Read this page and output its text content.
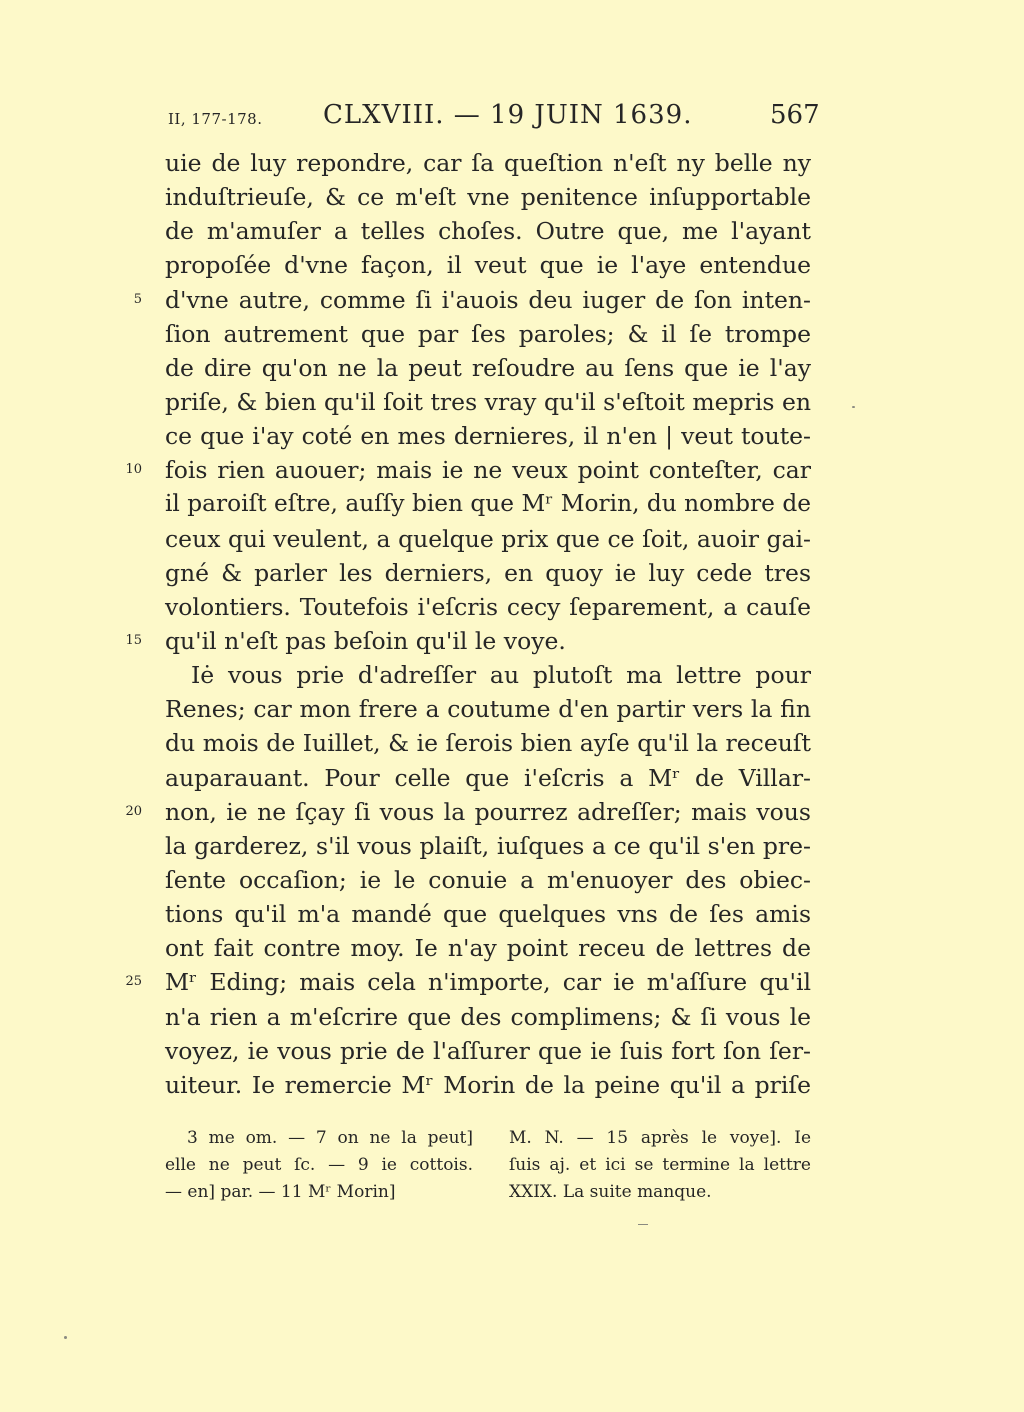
II, 177-178. CLXVIII. — 19 JUIN 1639.	567
uie de luy repondre, car ſa queſtion n'eſt ny belle ny
induſtrieuſe, & ce m'eſt vne penitence inſupportable
de m'amuſer a telles choſes. Outre que, me l'ayant
propoſée d'vne façon, il veut que ie l'aye entendue
5 d'vne autre, comme ſi i'auois deu iuger de ſon inten-
ſion autrement que par ſes paroles; & il ſe trompe
de dire qu'on ne la peut reſoudre au ſens que ie l'ay
priſe, & bien qu'il ſoit tres vray qu'il s'eſtoit mepris en
ce que i'ay coté en mes dernieres, il n'en | veut toute-
10 fois rien auouer; mais ie ne veux point conteſter, car
il paroiſt eſtre, auſſy bien que Mʳ Morin, du nombre de
ceux qui veulent, a quelque prix que ce ſoit, auoir gai-
gné & parler les derniers, en quoy ie luy cede tres
volontiers. Toutefois i'eſcris cecy ſeparement, a cauſe
15 qu'il n'eſt pas beſoin qu'il le voye.
Iė vous prie d'adreſſer au plutoſt ma lettre pour
Renes; car mon frere a coutume d'en partir vers la fin
du mois de Iuillet, & ie ſerois bien ayſe qu'il la receuſt
auparauant. Pour celle que i'eſcris a Mʳ de Villar-
20 non, ie ne ſçay ſi vous la pourrez adreſſer; mais vous
la garderez, s'il vous plaiſt, iuſques a ce qu'il s'en pre-
ſente occaſion; ie le conuie a m'enuoyer des obiec-
tions qu'il m'a mandé que quelques vns de ſes amis
ont fait contre moy. Ie n'ay point receu de lettres de
25 Mʳ Eding; mais cela n'importe, car ie m'aſſure qu'il
n'a rien a m'eſcrire que des complimens; & ſi vous le
voyez, ie vous prie de l'aſſurer que ie ſuis fort ſon ſer-
uiteur. Ie remercie Mʳ Morin de la peine qu'il a priſe
3 me om. — 7 on ne la peut]
elle ne peut ſc. — 9 ie cottois.
— en] par. — 11 Mʳ Morin]
M. N. — 15 après le voye]. Ie
ſuis aj. et ici se termine la lettre
XXIX. La suite manque.
